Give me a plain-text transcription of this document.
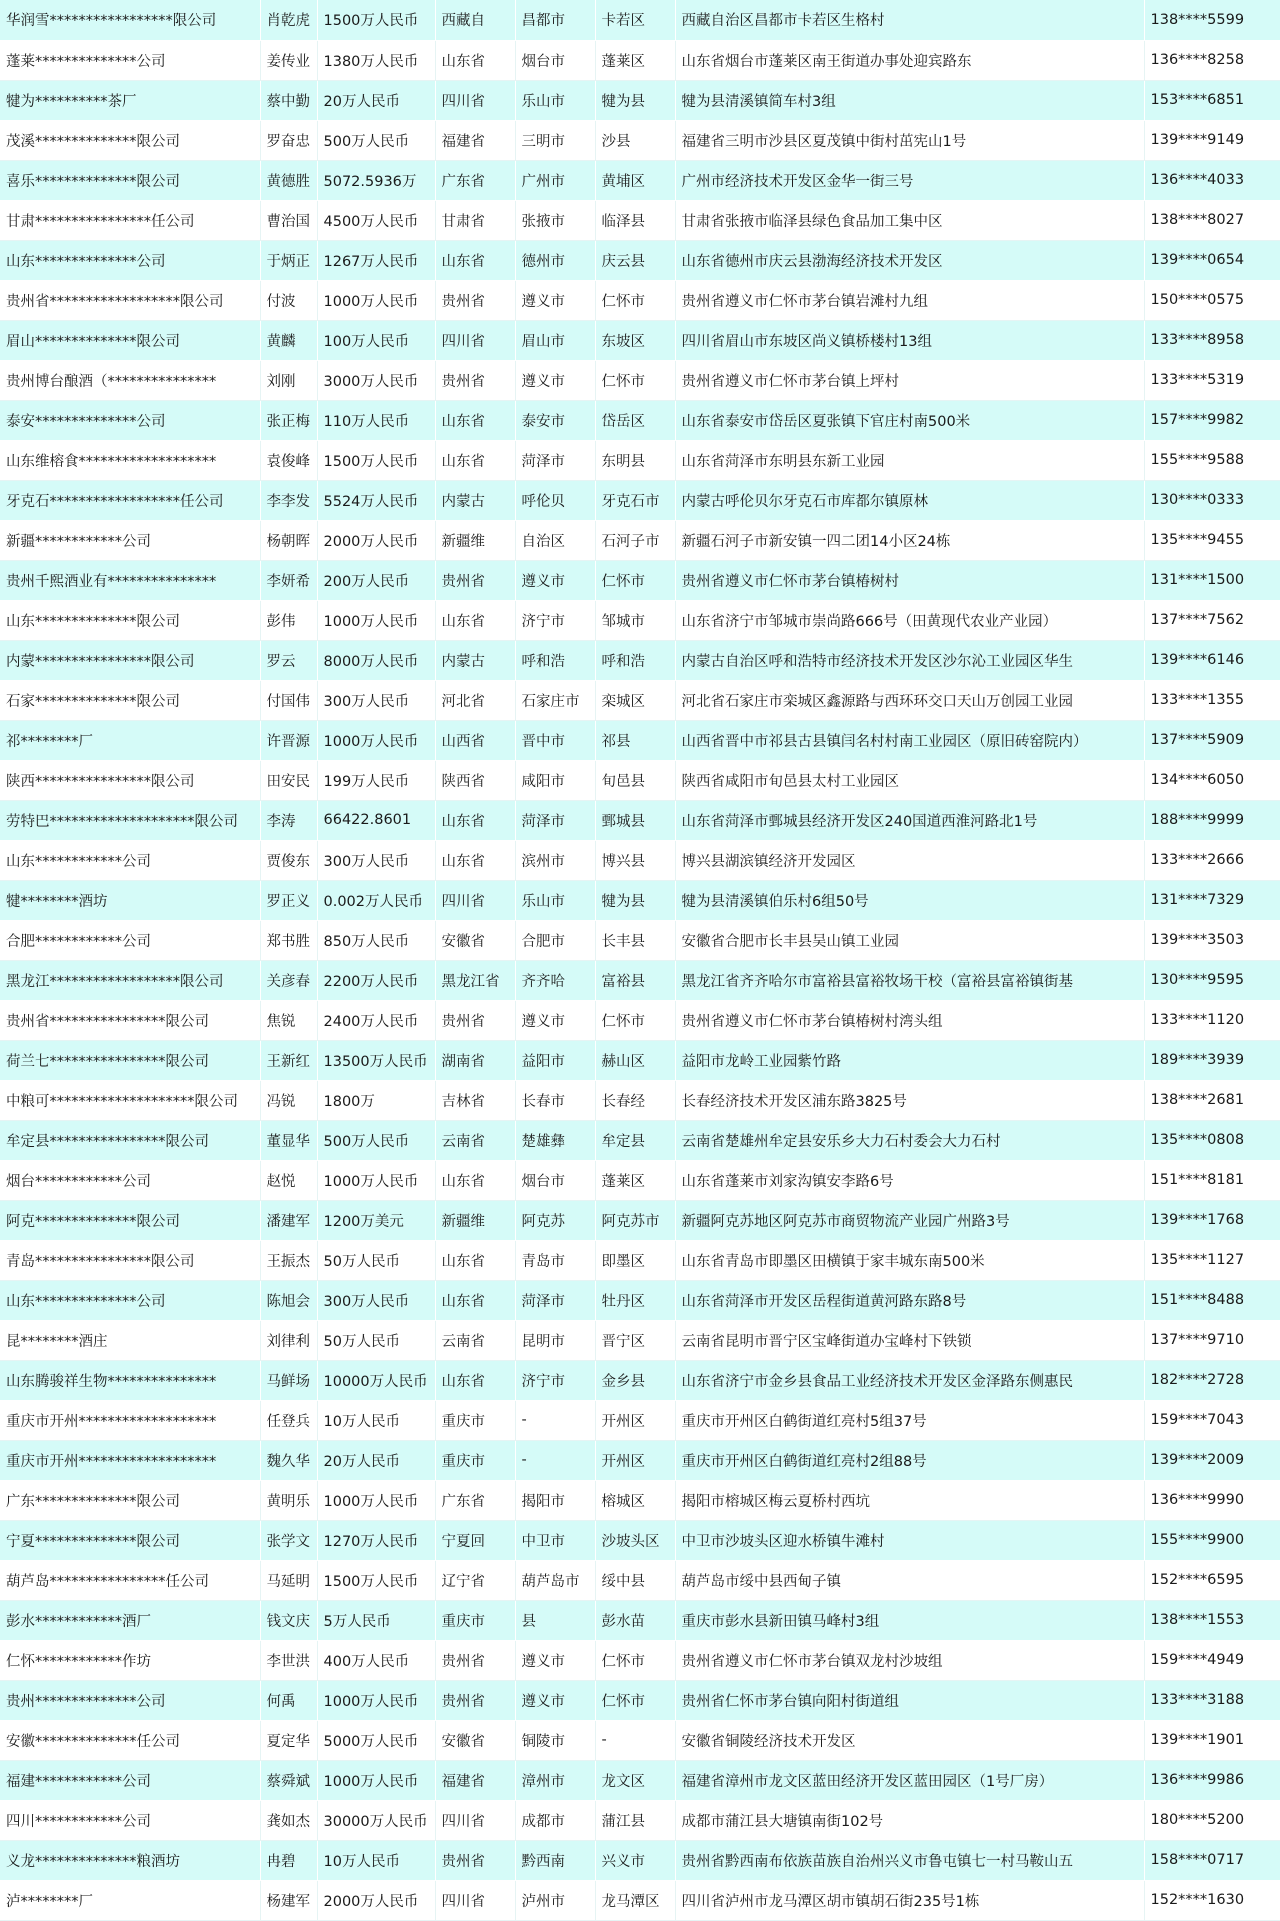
华润雪*****************限公司	肖乾虎	1500万人民币	西藏自	昌都市	卡若区	西藏自治区昌都市卡若区生格村	138****5599
蓬莱**************公司	姜传业	1380万人民币	山东省	烟台市	蓬莱区	山东省烟台市蓬莱区南王街道办事处迎宾路东	136****8258
犍为**********茶厂	蔡中勤	20万人民币	四川省	乐山市	犍为县	犍为县清溪镇简车村3组	153****6851
茂溪**************限公司	罗奋忠	500万人民币	福建省	三明市	沙县	福建省三明市沙县区夏茂镇中街村茁宪山1号	139****9149
喜乐**************限公司	黄德胜	5072.5936万	广东省	广州市	黄埔区	广州市经济技术开发区金华一街三号	136****4033
甘肃****************任公司	曹治国	4500万人民币	甘肃省	张掖市	临泽县	甘肃省张掖市临泽县绿色食品加工集中区	138****8027
山东**************公司	于炳正	1267万人民币	山东省	德州市	庆云县	山东省德州市庆云县渤海经济技术开发区	139****0654
贵州省******************限公司	付波	1000万人民币	贵州省	遵义市	仁怀市	贵州省遵义市仁怀市茅台镇岩滩村九组	150****0575
眉山**************限公司	黄麟	100万人民币	四川省	眉山市	东坡区	四川省眉山市东坡区尚义镇桥楼村13组	133****8958
贵州博台酿酒（***************	刘刚	3000万人民币	贵州省	遵义市	仁怀市	贵州省遵义市仁怀市茅台镇上坪村	133****5319
泰安**************公司	张正梅	110万人民币	山东省	泰安市	岱岳区	山东省泰安市岱岳区夏张镇下官庄村南500米	157****9982
山东维榕食*******************	袁俊峰	1500万人民币	山东省	菏泽市	东明县	山东省菏泽市东明县东新工业园	155****9588
牙克石******************任公司	李李发	5524万人民币	内蒙古	呼伦贝	牙克石市	内蒙古呼伦贝尔牙克石市库都尔镇原林	130****0333
新疆************公司	杨朝晖	2000万人民币	新疆维	自治区	石河子市	新疆石河子市新安镇一四二团14小区24栋	135****9455
贵州千熙酒业有***************	李妍希	200万人民币	贵州省	遵义市	仁怀市	贵州省遵义市仁怀市茅台镇椿树村	131****1500
山东**************限公司	彭伟	1000万人民币	山东省	济宁市	邹城市	山东省济宁市邹城市崇尚路666号（田黄现代农业产业园）	137****7562
内蒙****************限公司	罗云	8000万人民币	内蒙古	呼和浩	呼和浩	内蒙古自治区呼和浩特市经济技术开发区沙尔沁工业园区华生	139****6146
石家**************限公司	付国伟	300万人民币	河北省	石家庄市	栾城区	河北省石家庄市栾城区鑫源路与西环环交口天山万创园工业园	133****1355
祁********厂	许晋源	1000万人民币	山西省	晋中市	祁县	山西省晋中市祁县古县镇闫名村村南工业园区（原旧砖窑院内）	137****5909
陕西****************限公司	田安民	199万人民币	陕西省	咸阳市	旬邑县	陕西省咸阳市旬邑县太村工业园区	134****6050
劳特巴********************限公司	李涛	66422.8601	山东省	菏泽市	鄄城县	山东省菏泽市鄄城县经济开发区240国道西淮河路北1号	188****9999
山东************公司	贾俊东	300万人民币	山东省	滨州市	博兴县	博兴县湖滨镇经济开发园区	133****2666
犍********酒坊	罗正义	0.002万人民币	四川省	乐山市	犍为县	犍为县清溪镇伯乐村6组50号	131****7329
合肥************公司	郑书胜	850万人民币	安徽省	合肥市	长丰县	安徽省合肥市长丰县吴山镇工业园	139****3503
黑龙江******************限公司	关彦春	2200万人民币	黑龙江省	齐齐哈	富裕县	黑龙江省齐齐哈尔市富裕县富裕牧场干校（富裕县富裕镇街基	130****9595
贵州省****************限公司	焦锐	2400万人民币	贵州省	遵义市	仁怀市	贵州省遵义市仁怀市茅台镇椿树村湾头组	133****1120
荷兰七****************限公司	王新红	13500万人民币	湖南省	益阳市	赫山区	益阳市龙岭工业园紫竹路	189****3939
中粮可********************限公司	冯锐	1800万	吉林省	长春市	长春经	长春经济技术开发区浦东路3825号	138****2681
牟定县****************限公司	董显华	500万人民币	云南省	楚雄彝	牟定县	云南省楚雄州牟定县安乐乡大力石村委会大力石村	135****0808
烟台************公司	赵悦	1000万人民币	山东省	烟台市	蓬莱区	山东省蓬莱市刘家沟镇安李路6号	151****8181
阿克**************限公司	潘建军	1200万美元	新疆维	阿克苏	阿克苏市	新疆阿克苏地区阿克苏市商贸物流产业园广州路3号	139****1768
青岛****************限公司	王振杰	50万人民币	山东省	青岛市	即墨区	山东省青岛市即墨区田横镇于家丰城东南500米	135****1127
山东**************公司	陈旭会	300万人民币	山东省	菏泽市	牡丹区	山东省菏泽市开发区岳程街道黄河路东路8号	151****8488
昆********酒庄	刘律利	50万人民币	云南省	昆明市	晋宁区	云南省昆明市晋宁区宝峰街道办宝峰村下铁锁	137****9710
山东腾骏祥生物***************	马鲜场	10000万人民币	山东省	济宁市	金乡县	山东省济宁市金乡县食品工业经济技术开发区金泽路东侧惠民	182****2728
重庆市开州*******************	任登兵	10万人民币	重庆市	-	开州区	重庆市开州区白鹤街道红亮村5组37号	159****7043
重庆市开州*******************	魏久华	20万人民币	重庆市	-	开州区	重庆市开州区白鹤街道红亮村2组88号	139****2009
广东**************限公司	黄明乐	1000万人民币	广东省	揭阳市	榕城区	揭阳市榕城区梅云夏桥村西坑	136****9990
宁夏**************限公司	张学文	1270万人民币	宁夏回	中卫市	沙坡头区	中卫市沙坡头区迎水桥镇牛滩村	155****9900
葫芦岛****************任公司	马延明	1500万人民币	辽宁省	葫芦岛市	绥中县	葫芦岛市绥中县西甸子镇	152****6595
彭水************酒厂	钱文庆	5万人民币	重庆市	县	彭水苗	重庆市彭水县新田镇马峰村3组	138****1553
仁怀************作坊	李世洪	400万人民币	贵州省	遵义市	仁怀市	贵州省遵义市仁怀市茅台镇双龙村沙坡组	159****4949
贵州**************公司	何禹	1000万人民币	贵州省	遵义市	仁怀市	贵州省仁怀市茅台镇向阳村街道组	133****3188
安徽**************任公司	夏定华	5000万人民币	安徽省	铜陵市	-	安徽省铜陵经济技术开发区	139****1901
福建************公司	蔡舜斌	1000万人民币	福建省	漳州市	龙文区	福建省漳州市龙文区蓝田经济开发区蓝田园区（1号厂房）	136****9986
四川************公司	龚如杰	30000万人民币	四川省	成都市	蒲江县	成都市蒲江县大塘镇南街102号	180****5200
义龙**************粮酒坊	冉碧	10万人民币	贵州省	黔西南	兴义市	贵州省黔西南布依族苗族自治州兴义市鲁屯镇七一村马鞍山五	158****0717
泸********厂	杨建军	2000万人民币	四川省	泸州市	龙马潭区	四川省泸州市龙马潭区胡市镇胡石街235号1栋	152****1630
